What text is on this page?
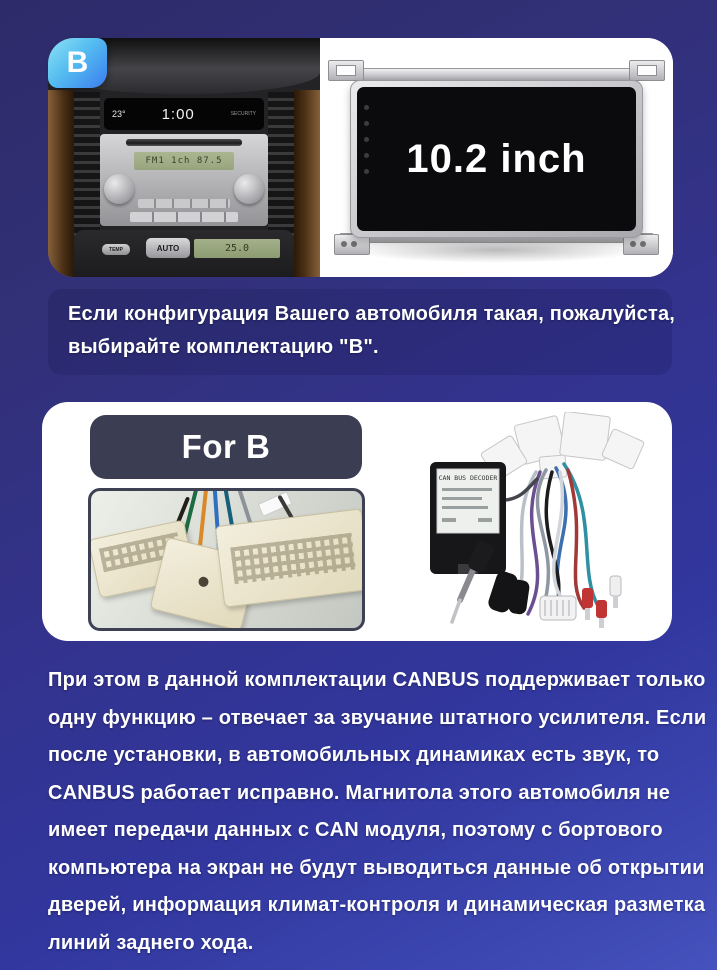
B
23° 1:00	SECURITY
FM1 1ch 87.5
TEMP	AUTO	25.0
10.2 inch
Если конфигурация Вашего автомобиля такая, пожалуйста,
выбирайте комплектацию "B".
For B
CAN BUS DECODER
При этом в данной комплектации CANBUS поддерживает только
одну функцию – отвечает за звучание штатного усилителя. Если
после установки, в автомобильных динамиках есть звук, то
CANBUS работает исправно. Магнитола этого автомобиля не
имеет передачи данных с CAN модуля, поэтому с бортового
компьютера на экран не будут выводиться данные об открытии
дверей, информация климат-контроля и динамическая разметка
линий заднего хода.
